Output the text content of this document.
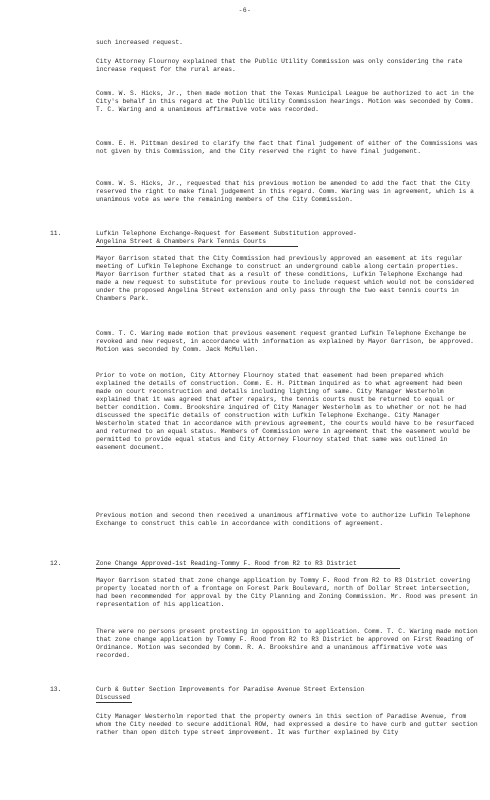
-6-

such increased request.

City Attorney Flournoy explained that the Public Utility Commission was only considering the rate increase request for the rural areas.

Comm. W. S. Hicks, Jr., then made motion that the Texas Municipal League be authorized to act in the City's behalf in this regard at the Public Utility Commission hearings. Motion was seconded by Comm. T. C. Waring and a unanimous affirmative vote was recorded.

Comm. E. H. Pittman desired to clarify the fact that final judgement of either of the Commissions was not given by this Commission, and the City reserved the right to have final judgement.

Comm. W. S. Hicks, Jr., requested that his previous motion be amended to add the fact that the City reserved the right to make final judgement in this regard. Comm. Waring was in agreement, which is a unanimous vote as were the remaining members of the City Commission.

11.	Lufkin Telephone Exchange-Request for Easement Substitution approved-

Angelina Street & Chambers Park Tennis Courts

Mayor Garrison stated that the City Commission had previously approved an easement at its regular meeting of Lufkin Telephone Exchange to construct an underground cable along certain properties. Mayor Garrison further stated that as a result of these conditions, Lufkin Telephone Exchange had made a new request to substitute for previous route to include request which would not be considered under the proposed Angelina Street extension and only pass through the two east tennis courts in Chambers Park.

Comm. T. C. Waring made motion that previous easement request granted Lufkin Telephone Exchange be revoked and new request, in accordance with information as explained by Mayor Garrison, be approved. Motion was seconded by Comm. Jack McMullen.

Prior to vote on motion, City Attorney Flournoy stated that easement had been prepared which explained the details of construction. Comm. E. H. Pittman inquired as to what agreement had been made on court reconstruction and details including lighting of same. City Manager Westerholm explained that it was agreed that after repairs, the tennis courts must be returned to equal or better condition. Comm. Brookshire inquired of City Manager Westerholm as to whether or not he had discussed the specific details of construction with Lufkin Telephone Exchange. City Manager Westerholm stated that in accordance with previous agreement, the courts would have to be resurfaced and returned to an equal status. Members of Commission were in agreement that the easement would be permitted to provide equal status and City Attorney Flournoy stated that same was outlined in easement document.

Previous motion and second then received a unanimous affirmative vote to authorize Lufkin Telephone Exchange to construct this cable in accordance with conditions of agreement.

12.	Zone Change Approved-1st Reading-Tommy F. Rood from R2 to R3 District

Mayor Garrison stated that zone change application by Tommy F. Rood from R2 to R3 District covering property located north of a frontage on Forest Park Boulevard, north of Dollar Street intersection, had been recommended for approval by the City Planning and Zoning Commission. Mr. Rood was present in representation of his application.

There were no persons present protesting in opposition to application. Comm. T. C. Waring made motion that zone change application by Tommy F. Rood from R2 to R3 District be approved on First Reading of Ordinance. Motion was seconded by Comm. R. A. Brookshire and a unanimous affirmative vote was recorded.

13.	Curb & Gutter Section Improvements for Paradise Avenue Street Extension

Discussed

City Manager Westerholm reported that the property owners in this section of Paradise Avenue, from whom the City needed to secure additional ROW, had expressed a desire to have curb and gutter section rather than open ditch type street improvement. It was further explained by City
